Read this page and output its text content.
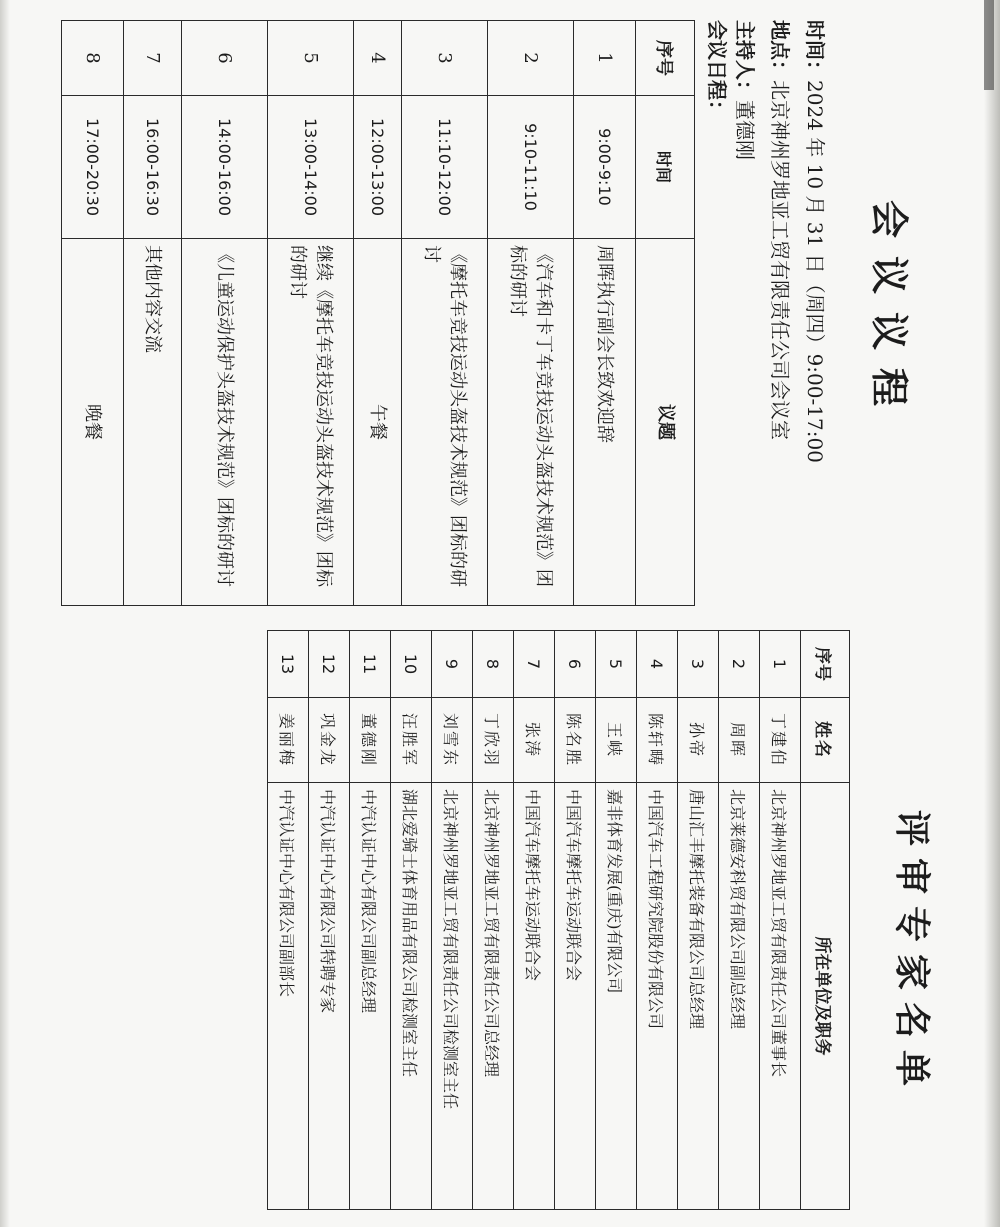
会议议程
时间：2024 年 10 月 31 日（周四）9:00-17:00
地点：北京神州罗地亚工贸有限责任公司会议室
主持人：董德刚
会议日程：
序号	时间	议题
1	9:00-9:10	周晖执行副会长致欢迎辞
2	9:10-11:10	《汽车和卡丁车竞技运动头盔技术规范》团标的研讨
3	11:10-12:00	《摩托车竞技运动头盔技术规范》团标的研讨
4	12:00-13:00	午餐
5	13:00-14:00	继续《摩托车竞技运动头盔技术规范》团标的研讨
6	14:00-16:00	《儿童运动保护头盔技术规范》团标的研讨
7	16:00-16:30	其他内容交流
8	17:00-20:30	晚餐
评审专家名单
序号	姓名	所在单位及职务
1	丁建伯	北京神州罗地亚工贸有限责任公司董事长
2	周晖	北京莱德安科贸有限公司副总经理
3	孙帝	唐山汇丰摩托装备有限公司总经理
4	陈轩畴	中国汽车工程研究院股份有限公司
5	王峡	嘉非体育发展(重庆)有限公司
6	陈名胜	中国汽车摩托车运动联合会
7	张涛	中国汽车摩托车运动联合会
8	丁欣羽	北京神州罗地亚工贸有限责任公司总经理
9	刘雪东	北京神州罗地亚工贸有限责任公司检测室主任
10	汪胜军	湖北爱骑士体育用品有限公司检测室主任
11	董德刚	中汽认证中心有限公司副总经理
12	巩金龙	中汽认证中心有限公司特聘专家
13	姜丽梅	中汽认证中心有限公司副部长
